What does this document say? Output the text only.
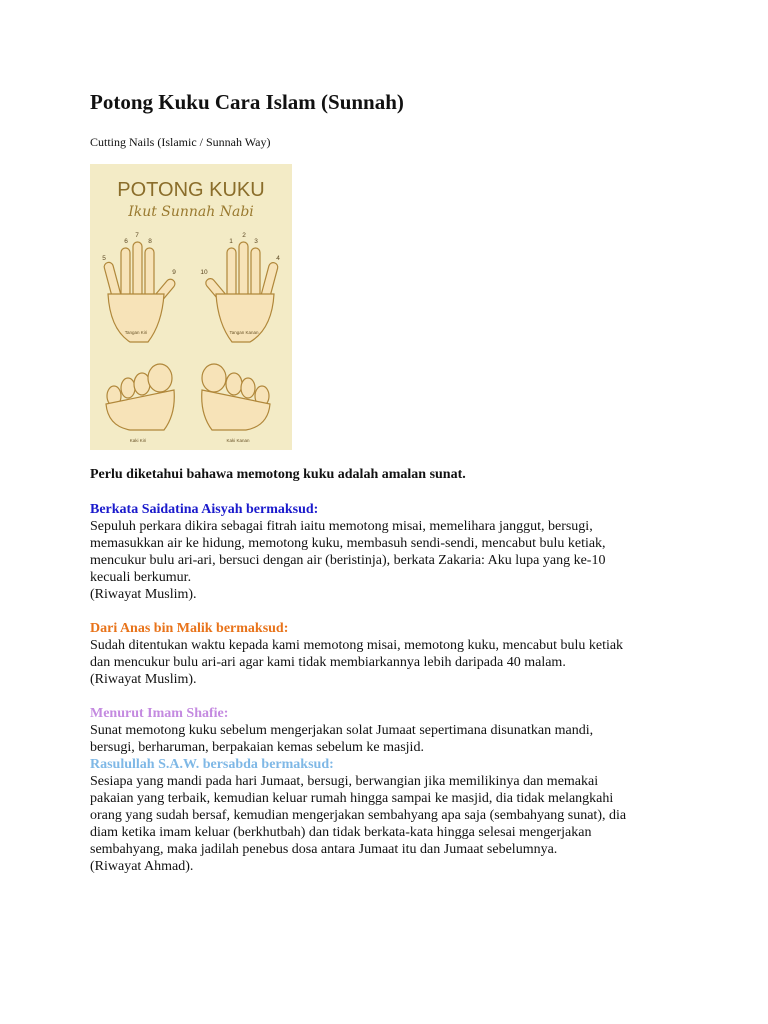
Potong Kuku Cara Islam (Sunnah)
Cutting Nails (Islamic / Sunnah Way)
POTONG KUKU
Ikut Sunnah Nabi
6
7
8
5
9	10
1
2
3
4
Tangan Kiri	Tangan Kanan
Kaki Kiri	Kaki Kanan
Perlu diketahui bahawa memotong kuku adalah amalan sunat.

Berkata Saidatina Aisyah bermaksud:

Sepuluh perkara dikira sebagai fitrah iaitu memotong misai, memelihara janggut, bersugi,

memasukkan air ke hidung, memotong kuku, membasuh sendi-sendi, mencabut bulu ketiak,

mencukur bulu ari-ari, bersuci dengan air (beristinja), berkata Zakaria: Aku lupa yang ke-10

kecuali berkumur.

(Riwayat Muslim).

Dari Anas bin Malik bermaksud:

Sudah ditentukan waktu kepada kami memotong misai, memotong kuku, mencabut bulu ketiak

dan mencukur bulu ari-ari agar kami tidak membiarkannya lebih daripada 40 malam.

(Riwayat Muslim).

Menurut Imam Shafie:

Sunat memotong kuku sebelum mengerjakan solat Jumaat sepertimana disunatkan mandi,

bersugi, berharuman, berpakaian kemas sebelum ke masjid.

Rasulullah S.A.W. bersabda bermaksud:

Sesiapa yang mandi pada hari Jumaat, bersugi, berwangian jika memilikinya dan memakai

pakaian yang terbaik, kemudian keluar rumah hingga sampai ke masjid, dia tidak melangkahi

orang yang sudah bersaf, kemudian mengerjakan sembahyang apa saja (sembahyang sunat), dia

diam ketika imam keluar (berkhutbah) dan tidak berkata-kata hingga selesai mengerjakan

sembahyang, maka jadilah penebus dosa antara Jumaat itu dan Jumaat sebelumnya.

(Riwayat Ahmad).
